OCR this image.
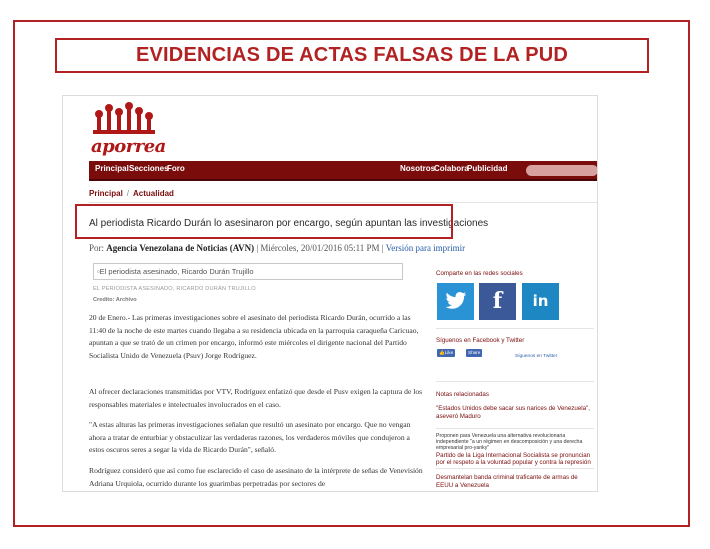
EVIDENCIAS DE ACTAS FALSAS DE LA PUD
aporrea
Principal Secciones
Foro	Nosotros
Colabora
Publicidad
Principal / Actualidad
Al periodista Ricardo Durán lo asesinaron por encargo, según apuntan las investigaciones
Por: Agencia Venezolana de Noticias (AVN) | Miércoles, 20/01/2016 05:11 PM | Versión para imprimir
▫El periodista asesinado, Ricardo Durán Trujillo
EL PERIODISTA ASESINADO, RICARDO DURÁN TRUJILLO
Credito: Archivo

20 de Enero.- Las primeras investigaciones sobre el asesinato del periodista Ricardo Durán, ocurrido a las 11:40 de la noche de este martes cuando llegaba a su residencia ubicada en la parroquia caraqueña Caricuao, apuntan a que se trató de un crimen por encargo, informó este miércoles el dirigente nacional del Partido Socialista Unido de Venezuela (Psuv) Jorge Rodríguez.

Al ofrecer declaraciones transmitidas por VTV, Rodríguez enfatizó que desde el Pusv exigen la captura de los responsables materiales e intelectuales involucrados en el caso.

"A estas alturas las primeras investigaciones señalan que resultó un asesinato por encargo. Que no vengan ahora a tratar de enturbiar y obstaculizar las verdaderas razones, los verdaderos móviles que condujeron a estos oscuros seres a segar la vida de Ricardo Durán", señaló.

Rodríguez consideró que así como fue esclarecido el caso de asesinato de la intérprete de señas de Venevisión Adriana Urquiola, ocurrido durante los guarimbas perpetradas por sectores de

Comparte en las redes sociales
f	in
Síguenos en Facebook y Twitter
👍Like	Share
Síguenos en Twitter
Notas relacionadas
"Estados Unidos debe sacar sus narices de Venezuela", aseveró Maduro
Proponen para Venezuela una alternativa revolucionaria independiente "a un régimen en descomposición y una derecha empresarial pro-yanky"
Partido de la Liga Internacional Socialista se pronuncian por el respeto a la voluntad popular y contra la represión
Desmantelan banda criminal traficante de armas de EEUU a Venezuela
